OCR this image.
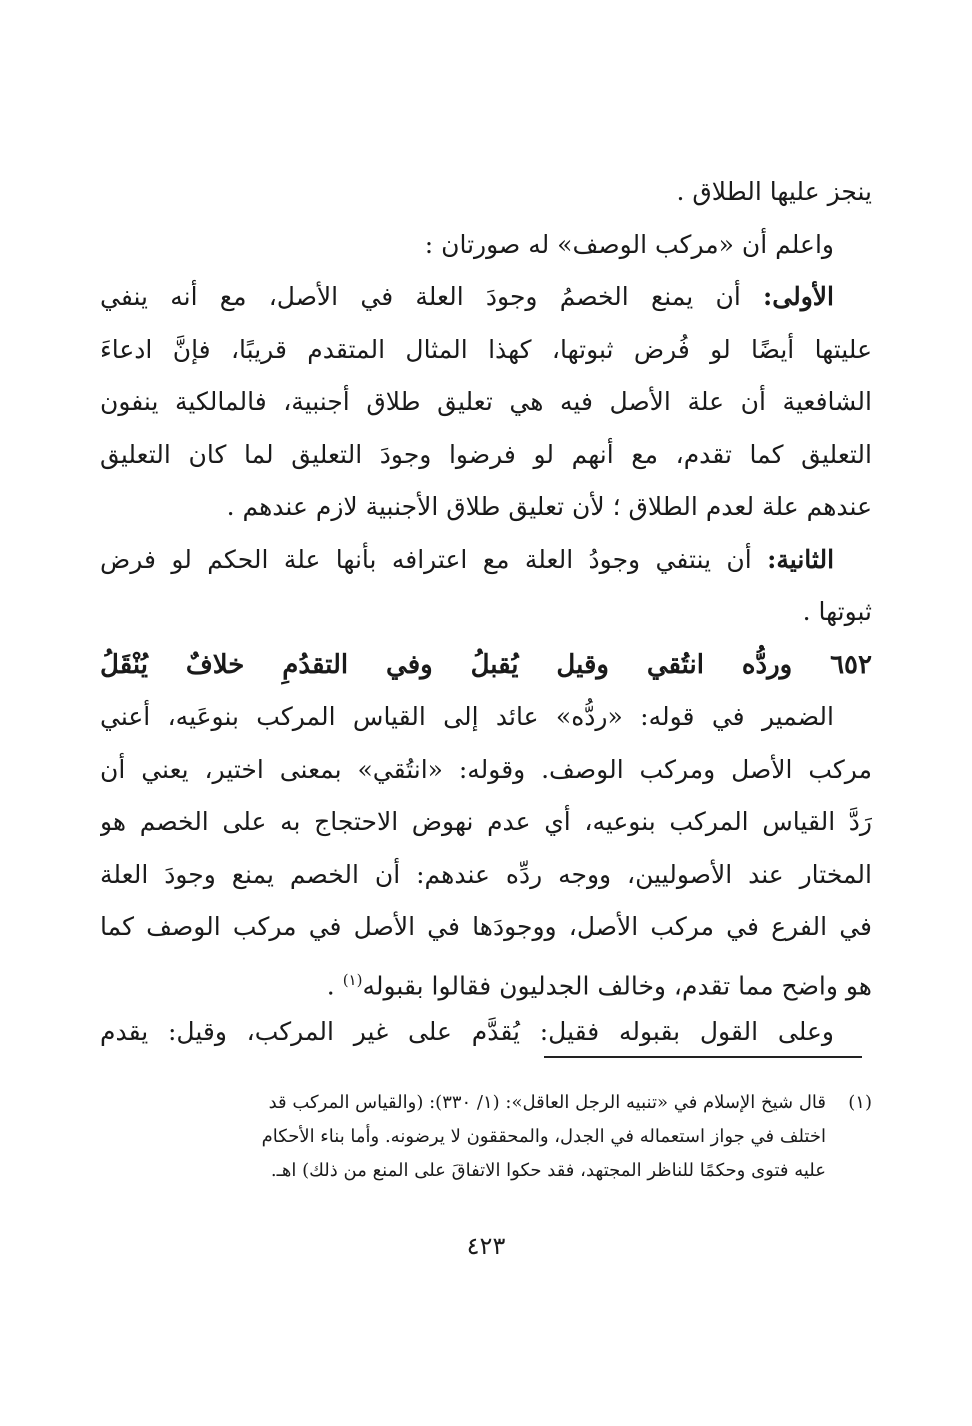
ينجز عليها الطلاق .
واعلم أن «مركب الوصف» له صورتان :
الأولى: أن يمنع الخصمُ وجودَ العلة في الأصل، مع أنه ينفي
عليتها أيضًا لو فُرض ثبوتها، كهذا المثال المتقدم قريبًا، فإنَّ ادعاءَ
الشافعية أن علة الأصل فيه هي تعليق طلاق أجنبية، فالمالكية ينفون
التعليق كما تقدم، مع أنهم لو فرضوا وجودَ التعليق لما كان التعليق
عندهم علة لعدم الطلاق ؛ لأن تعليق طلاق الأجنبية لازم عندهم .
الثانية: أن ينتفي وجودُ العلة مع اعترافه بأنها علة الحكم لو فرض
ثبوتها .
٦٥٢ وردُّه انتُقي وقيل يُقبلُ وفي التقدُمِ خلافٌ يُنْقَلُ
الضمير في قوله: «ردُّه» عائد إلى القياس المركب بنوعَيه، أعني
مركب الأصل ومركب الوصف. وقوله: «انتُقي» بمعنى اختير، يعني أن
رَدَّ القياس المركب بنوعيه، أي عدم نهوض الاحتجاج به على الخصم هو
المختار عند الأصوليين، ووجه ردِّه عندهم: أن الخصم يمنع وجودَ العلة
في الفرع في مركب الأصل، ووجودَها في الأصل في مركب الوصف كما
هو واضح مما تقدم، وخالف الجدليون فقالوا بقبوله$^{(١)}$ .
وعلى القول بقبوله فقيل: يُقدَّم على غير المركب، وقيل: يقدم
(١)قال شيخ الإسلام في «تنبيه الرجل العاقل»: (١/ ٣٣٠): (والقياس المركب قد
اختلف في جواز استعماله في الجدل، والمحققون لا يرضونه. وأما بناء الأحكام
عليه فتوى وحكمًا للناظر المجتهد، فقد حكوا الاتفاقَ على المنع من ذلك) اهـ.
٤٢٣
